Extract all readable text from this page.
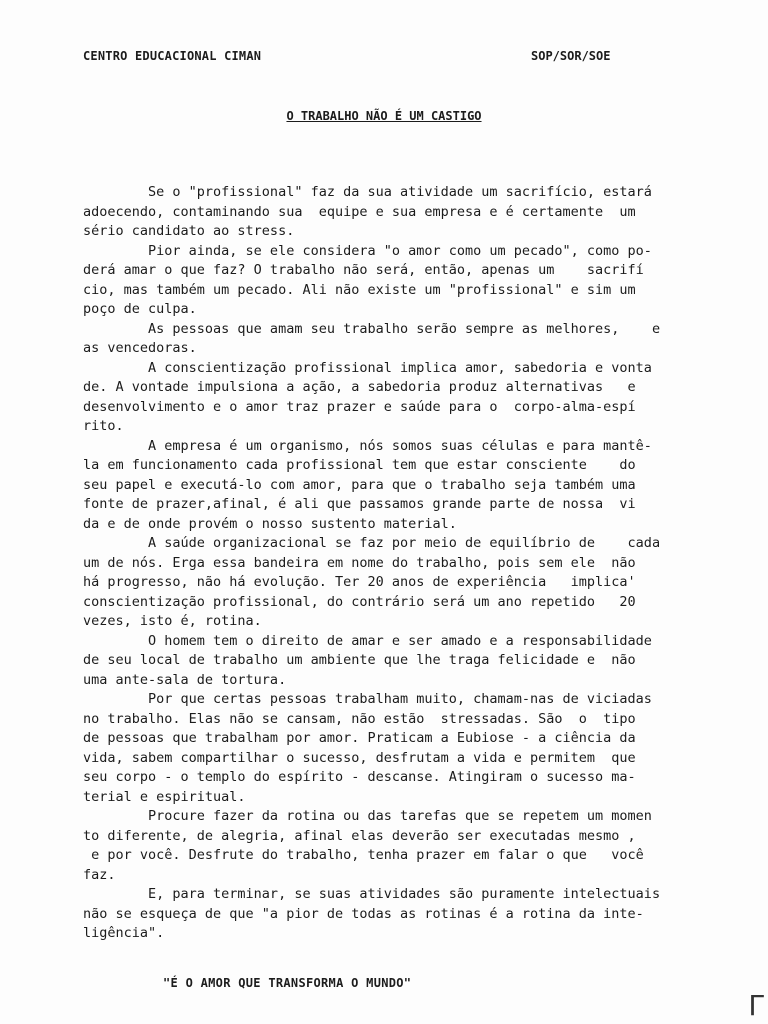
CENTRO EDUCACIONAL CIMAN	SOP/SOR/SOE
O TRABALHO NÃO É UM CASTIGO
Se o "profissional" faz da sua atividade um sacrifício, estará
adoecendo, contaminando sua  equipe e sua empresa e é certamente  um
sério candidato ao stress.
Pior ainda, se ele considera "o amor como um pecado", como po-
derá amar o que faz? O trabalho não será, então, apenas um    sacrifí
cio, mas também um pecado. Ali não existe um "profissional" e sim um
poço de culpa.
As pessoas que amam seu trabalho serão sempre as melhores,    e
as vencedoras.
A conscientização profissional implica amor, sabedoria e vonta
de. A vontade impulsiona a ação, a sabedoria produz alternativas   e
desenvolvimento e o amor traz prazer e saúde para o  corpo-alma-espí
rito.
A empresa é um organismo, nós somos suas células e para mantê-
la em funcionamento cada profissional tem que estar consciente    do
seu papel e executá-lo com amor, para que o trabalho seja também uma
fonte de prazer,afinal, é ali que passamos grande parte de nossa  vi
da e de onde provém o nosso sustento material.
A saúde organizacional se faz por meio de equilíbrio de    cada
um de nós. Erga essa bandeira em nome do trabalho, pois sem ele  não
há progresso, não há evolução. Ter 20 anos de experiência   implica'
conscientização profissional, do contrário será um ano repetido   20
vezes, isto é, rotina.
O homem tem o direito de amar e ser amado e a responsabilidade
de seu local de trabalho um ambiente que lhe traga felicidade e  não
uma ante-sala de tortura.
Por que certas pessoas trabalham muito, chamam-nas de viciadas
no trabalho. Elas não se cansam, não estão  stressadas. São  o  tipo
de pessoas que trabalham por amor. Praticam a Eubiose - a ciência da
vida, sabem compartilhar o sucesso, desfrutam a vida e permitem  que
seu corpo - o templo do espírito - descanse. Atingiram o sucesso ma-
terial e espiritual.
Procure fazer da rotina ou das tarefas que se repetem um momen
to diferente, de alegria, afinal elas deverão ser executadas mesmo ,
e por você. Desfrute do trabalho, tenha prazer em falar o que   você
faz.
E, para terminar, se suas atividades são puramente intelectuais
não se esqueça de que "a pior de todas as rotinas é a rotina da inte-
ligência".
"É O AMOR QUE TRANSFORMA O MUNDO"
Γ
